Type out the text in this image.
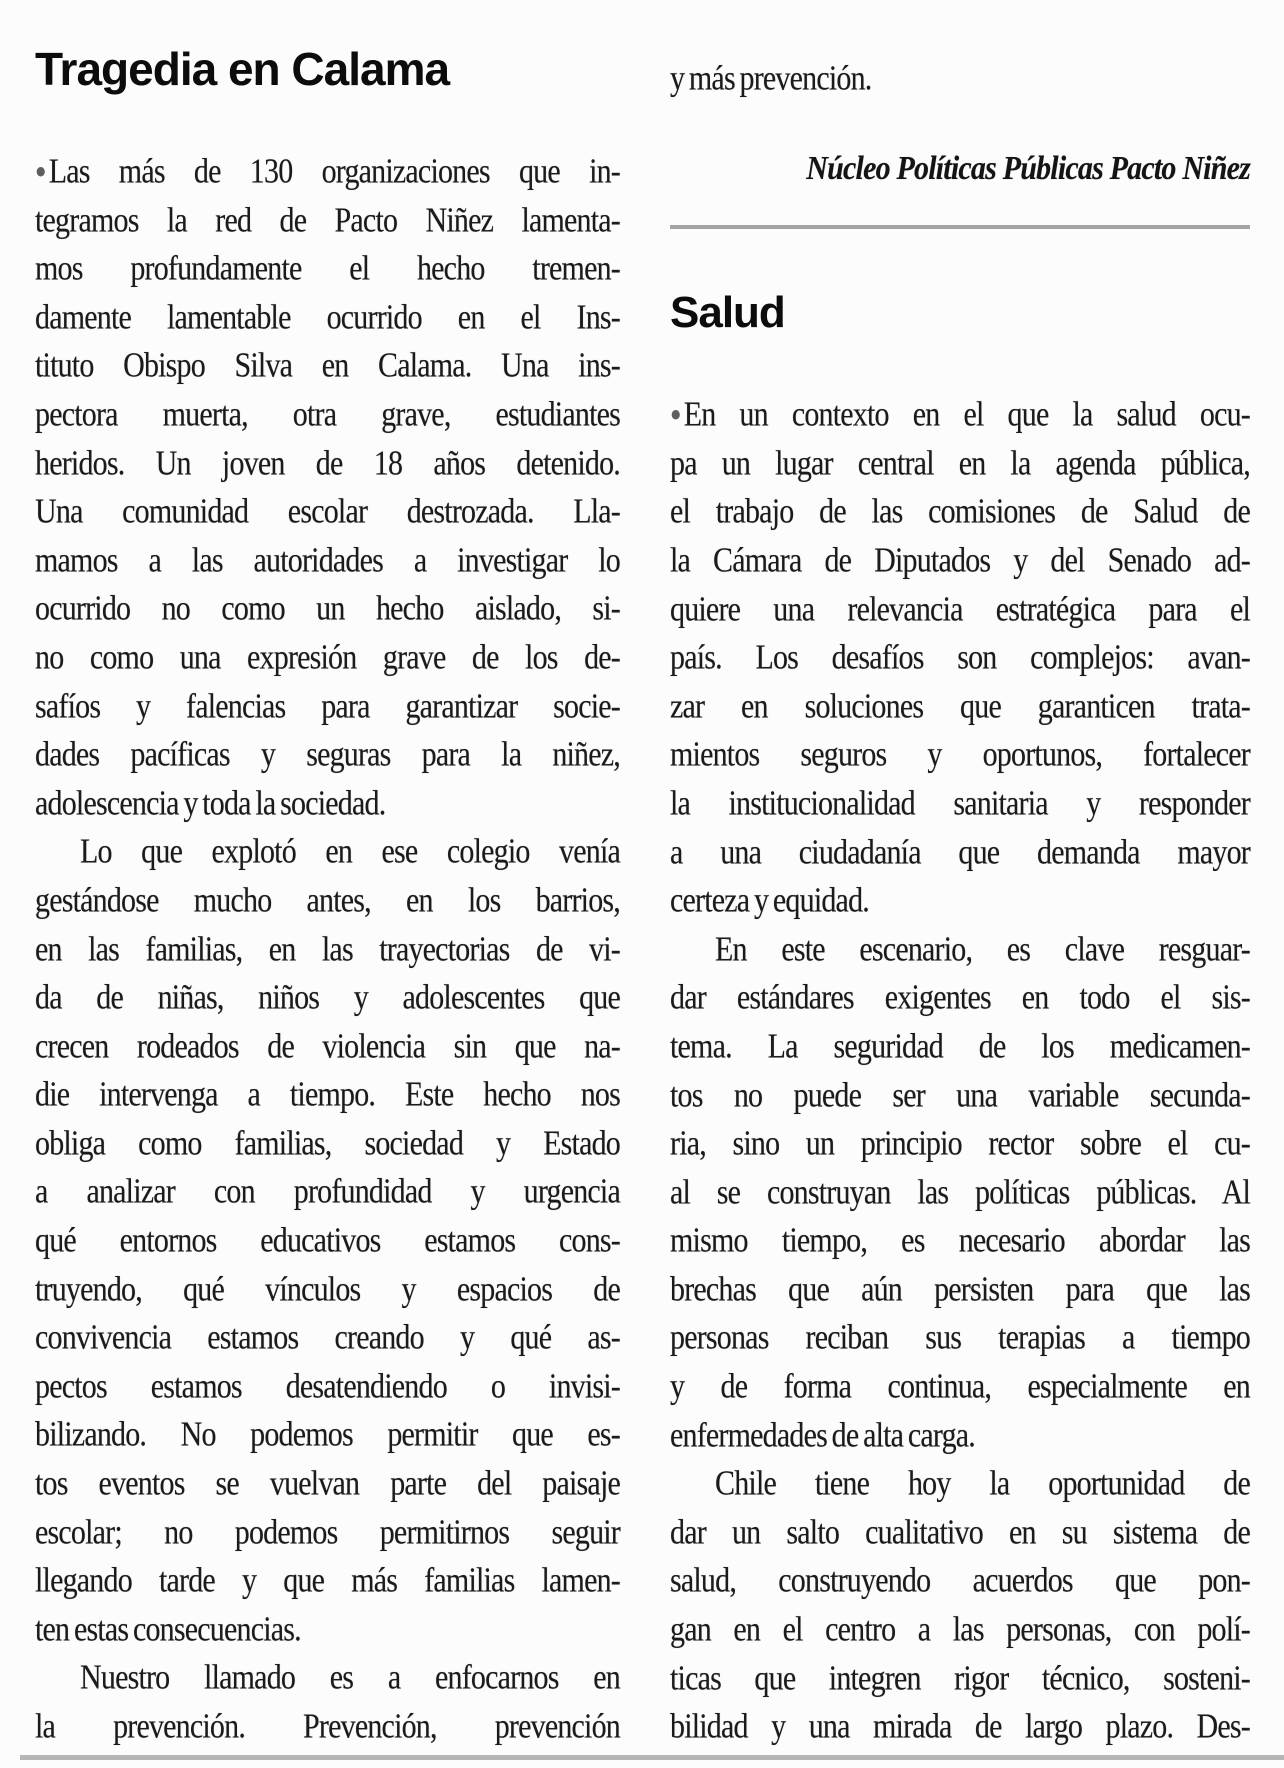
Tragedia en Calama
● Las más de 130 organizaciones que in-
tegramos la red de Pacto Niñez lamenta-
mos profundamente el hecho tremen-
damente lamentable ocurrido en el Ins-
tituto Obispo Silva en Calama. Una ins-
pectora muerta, otra grave, estudiantes
heridos. Un joven de 18 años detenido.
Una comunidad escolar destrozada. Lla-
mamos a las autoridades a investigar lo
ocurrido no como un hecho aislado, si-
no como una expresión grave de los de-
safíos y falencias para garantizar socie-
dades pacíficas y seguras para la niñez,
adolescencia y toda la sociedad.
Lo que explotó en ese colegio venía
gestándose mucho antes, en los barrios,
en las familias, en las trayectorias de vi-
da de niñas, niños y adolescentes que
crecen rodeados de violencia sin que na-
die intervenga a tiempo. Este hecho nos
obliga como familias, sociedad y Estado
a analizar con profundidad y urgencia
qué entornos educativos estamos cons-
truyendo, qué vínculos y espacios de
convivencia estamos creando y qué as-
pectos estamos desatendiendo o invisi-
bilizando. No podemos permitir que es-
tos eventos se vuelvan parte del paisaje
escolar; no podemos permitirnos seguir
llegando tarde y que más familias lamen-
ten estas consecuencias.
Nuestro llamado es a enfocarnos en
la prevención. Prevención, prevención
y más prevención.
Núcleo Políticas Públicas Pacto Niñez
Salud
● En un contexto en el que la salud ocu-
pa un lugar central en la agenda pública,
el trabajo de las comisiones de Salud de
la Cámara de Diputados y del Senado ad-
quiere una relevancia estratégica para el
país. Los desafíos son complejos: avan-
zar en soluciones que garanticen trata-
mientos seguros y oportunos, fortalecer
la institucionalidad sanitaria y responder
a una ciudadanía que demanda mayor
certeza y equidad.
En este escenario, es clave resguar-
dar estándares exigentes en todo el sis-
tema. La seguridad de los medicamen-
tos no puede ser una variable secunda-
ria, sino un principio rector sobre el cu-
al se construyan las políticas públicas. Al
mismo tiempo, es necesario abordar las
brechas que aún persisten para que las
personas reciban sus terapias a tiempo
y de forma continua, especialmente en
enfermedades de alta carga.
Chile tiene hoy la oportunidad de
dar un salto cualitativo en su sistema de
salud, construyendo acuerdos que pon-
gan en el centro a las personas, con polí-
ticas que integren rigor técnico, sosteni-
bilidad y una mirada de largo plazo. Des-
